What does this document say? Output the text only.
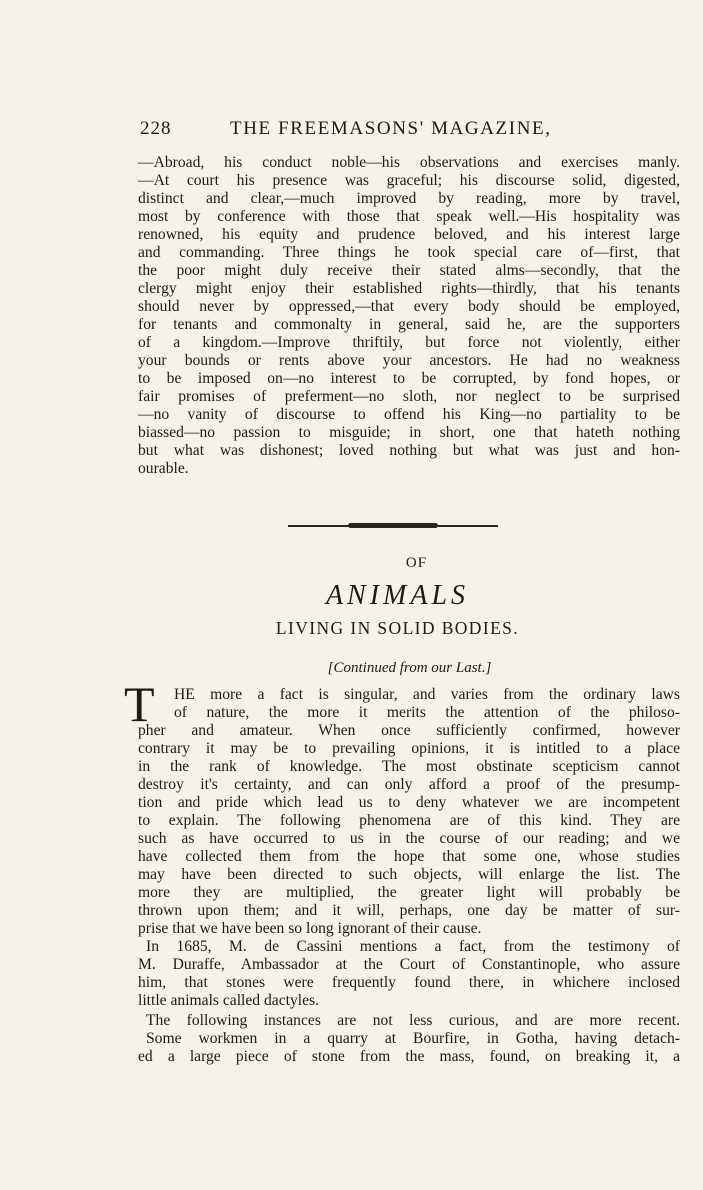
228	THE FREEMASONS' MAGAZINE,
—Abroad, his conduct noble—his observations and exercises manly.
—At court his presence was graceful; his discourse solid, digested,
distinct and clear,—much improved by reading, more by travel,
most by conference with those that speak well.—His hospitality was
renowned, his equity and prudence beloved, and his interest large
and commanding. Three things he took special care of—first, that
the poor might duly receive their stated alms—secondly, that the
clergy might enjoy their established rights—thirdly, that his tenants
should never by oppressed,—that every body should be employed,
for tenants and commonalty in general, said he, are the supporters
of a kingdom.—Improve thriftily, but force not violently, either
your bounds or rents above your ancestors. He had no weakness
to be imposed on—no interest to be corrupted, by fond hopes, or
fair promises of preferment—no sloth, nor neglect to be surprised
—no vanity of discourse to offend his King—no partiality to be
biassed—no passion to misguide; in short, one that hateth nothing
but what was dishonest; loved nothing but what was just and hon-
ourable.
OF
ANIMALS
LIVING IN SOLID BODIES.
[Continued from our Last.]
T	HE more a fact is singular, and varies from the ordinary laws
of nature, the more it merits the attention of the philoso-
pher and amateur. When once sufficiently confirmed, however
contrary it may be to prevailing opinions, it is intitled to a place
in the rank of knowledge. The most obstinate scepticism cannot
destroy it's certainty, and can only afford a proof of the presump-
tion and pride which lead us to deny whatever we are incompetent
to explain. The following phenomena are of this kind. They are
such as have occurred to us in the course of our reading; and we
have collected them from the hope that some one, whose studies
may have been directed to such objects, will enlarge the list. The
more they are multiplied, the greater light will probably be
thrown upon them; and it will, perhaps, one day be matter of sur-
prise that we have been so long ignorant of their cause.
In 1685, M. de Cassini mentions a fact, from the testimony of
M. Duraffe, Ambassador at the Court of Constantinople, who assure
him, that stones were frequently found there, in whichere inclosed
little animals called dactyles.
The following instances are not less curious, and are more recent.
Some workmen in a quarry at Bourfire, in Gotha, having detach-
ed a large piece of stone from the mass, found, on breaking it, a
